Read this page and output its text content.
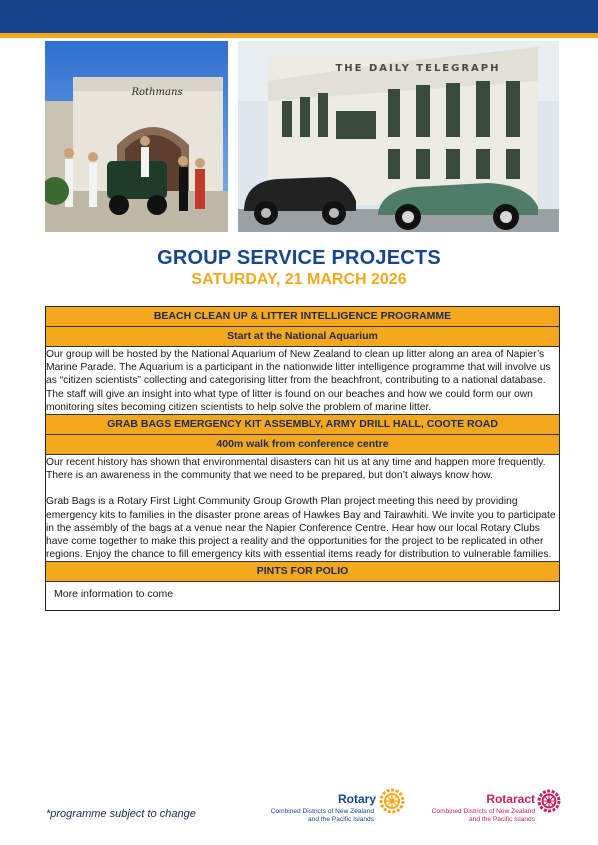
Rothmans
THE DAILY TELEGRAPH
GROUP SERVICE PROJECTS
SATURDAY, 21 MARCH 2026
BEACH CLEAN UP & LITTER INTELLIGENCE PROGRAMME
Start at the National Aquarium
Our group will be hosted by the National Aquarium of New Zealand to clean up litter along an area of Napier’s Marine Parade. The Aquarium is a participant in the nationwide litter intelligence programme that will involve us as “citizen scientists” collecting and categorising litter from the beachfront, contributing to a national database. The staff will give an insight into what type of litter is found on our beaches and how we could form our own monitoring sites becoming citizen scientists to help solve the problem of marine litter.
GRAB BAGS EMERGENCY KIT ASSEMBLY, ARMY DRILL HALL, COOTE ROAD
400m walk from conference centre
Our recent history has shown that environmental disasters can hit us at any time and happen more frequently. There is an awareness in the community that we need to be prepared, but don’t always know how.
Grab Bags is a Rotary First Light Community Group Growth Plan project meeting this need by providing emergency kits to families in the disaster prone areas of Hawkes Bay and Tairawhiti. We invite you to participate in the assembly of the bags at a venue near the Napier Conference Centre. Hear how our local Rotary Clubs have come together to make this project a reality and the opportunities for the project to be replicated in other regions. Enjoy the chance to fill emergency kits with essential items ready for distribution to vulnerable families.
PINTS FOR POLIO
More information to come
*programme subject to change
Rotary
Combined Districts of New Zealand
and the Pacific Islands
Rotaract
Combined Districts of New Zealand
and the Pacific Islands
